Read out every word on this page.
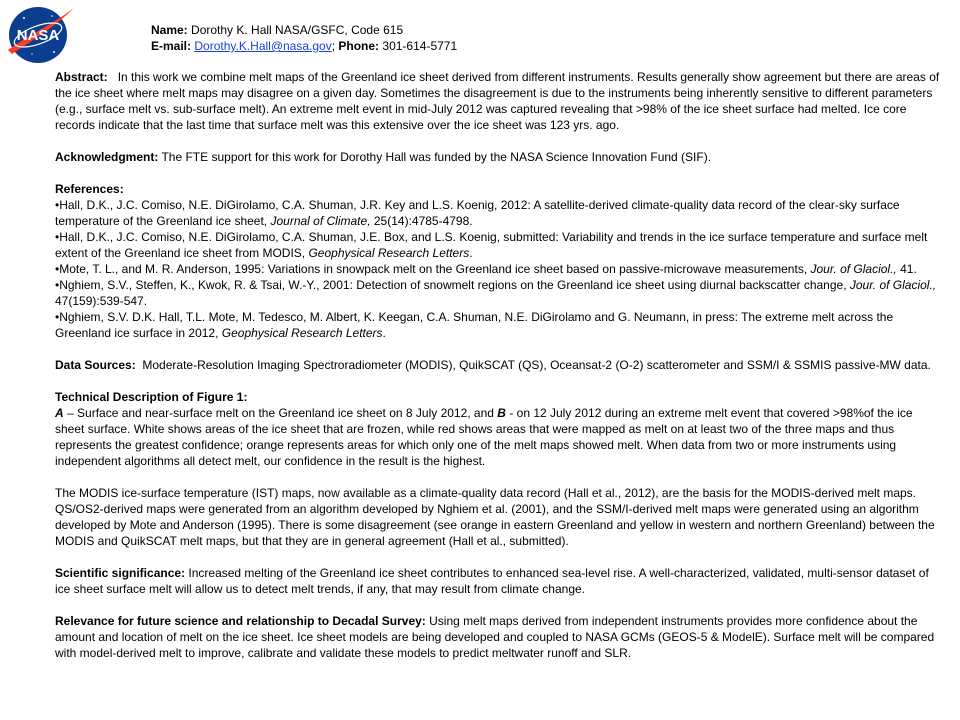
NASA	Name: Dorothy K. Hall NASA/GSFC, Code 615
E-mail: Dorothy.K.Hall@nasa.gov; Phone: 301-614-5771

Abstract: In this work we combine melt maps of the Greenland ice sheet derived from different instruments. Results generally show agreement but there are areas of the ice sheet where melt maps may disagree on a given day. Sometimes the disagreement is due to the instruments being inherently sensitive to different parameters (e.g., surface melt vs. sub-surface melt). An extreme melt event in mid-July 2012 was captured revealing that >98% of the ice sheet surface had melted. Ice core records indicate that the last time that surface melt was this extensive over the ice sheet was 123 yrs. ago.

Acknowledgment: The FTE support for this work for Dorothy Hall was funded by the NASA Science Innovation Fund (SIF).

References:

•Hall, D.K., J.C. Comiso, N.E. DiGirolamo, C.A. Shuman, J.R. Key and L.S. Koenig, 2012: A satellite-derived climate-quality data record of the clear-sky surface temperature of the Greenland ice sheet, Journal of Climate, 25(14):4785-4798.

•Hall, D.K., J.C. Comiso, N.E. DiGirolamo, C.A. Shuman, J.E. Box, and L.S. Koenig, submitted: Variability and trends in the ice surface temperature and surface melt extent of the Greenland ice sheet from MODIS, Geophysical Research Letters.

•Mote, T. L., and M. R. Anderson, 1995: Variations in snowpack melt on the Greenland ice sheet based on passive-microwave measurements, Jour. of Glaciol., 41.

•Nghiem, S.V., Steffen, K., Kwok, R. & Tsai, W.-Y., 2001: Detection of snowmelt regions on the Greenland ice sheet using diurnal backscatter change, Jour. of Glaciol., 47(159):539-547.

•Nghiem, S.V. D.K. Hall, T.L. Mote, M. Tedesco, M. Albert, K. Keegan, C.A. Shuman, N.E. DiGirolamo and G. Neumann, in press: The extreme melt across the Greenland ice surface in 2012, Geophysical Research Letters.

Data Sources: Moderate-Resolution Imaging Spectroradiometer (MODIS), QuikSCAT (QS), Oceansat-2 (O-2) scatterometer and SSM/I & SSMIS passive-MW data.

Technical Description of Figure 1:
A – Surface and near-surface melt on the Greenland ice sheet on 8 July 2012, and B - on 12 July 2012 during an extreme melt event that covered >98%of the ice sheet surface. White shows areas of the ice sheet that are frozen, while red shows areas that were mapped as melt on at least two of the three maps and thus represents the greatest confidence; orange represents areas for which only one of the melt maps showed melt. When data from two or more instruments using independent algorithms all detect melt, our confidence in the result is the highest.

The MODIS ice-surface temperature (IST) maps, now available as a climate-quality data record (Hall et al., 2012), are the basis for the MODIS-derived melt maps. QS/OS2-derived maps were generated from an algorithm developed by Nghiem et al. (2001), and the SSM/I-derived melt maps were generated using an algorithm developed by Mote and Anderson (1995). There is some disagreement (see orange in eastern Greenland and yellow in western and northern Greenland) between the MODIS and QuikSCAT melt maps, but that they are in general agreement (Hall et al., submitted).

Scientific significance: Increased melting of the Greenland ice sheet contributes to enhanced sea-level rise. A well-characterized, validated, multi-sensor dataset of ice sheet surface melt will allow us to detect melt trends, if any, that may result from climate change.

Relevance for future science and relationship to Decadal Survey: Using melt maps derived from independent instruments provides more confidence about the amount and location of melt on the ice sheet. Ice sheet models are being developed and coupled to NASA GCMs (GEOS-5 & ModelE). Surface melt will be compared with model-derived melt to improve, calibrate and validate these models to predict meltwater runoff and SLR.
